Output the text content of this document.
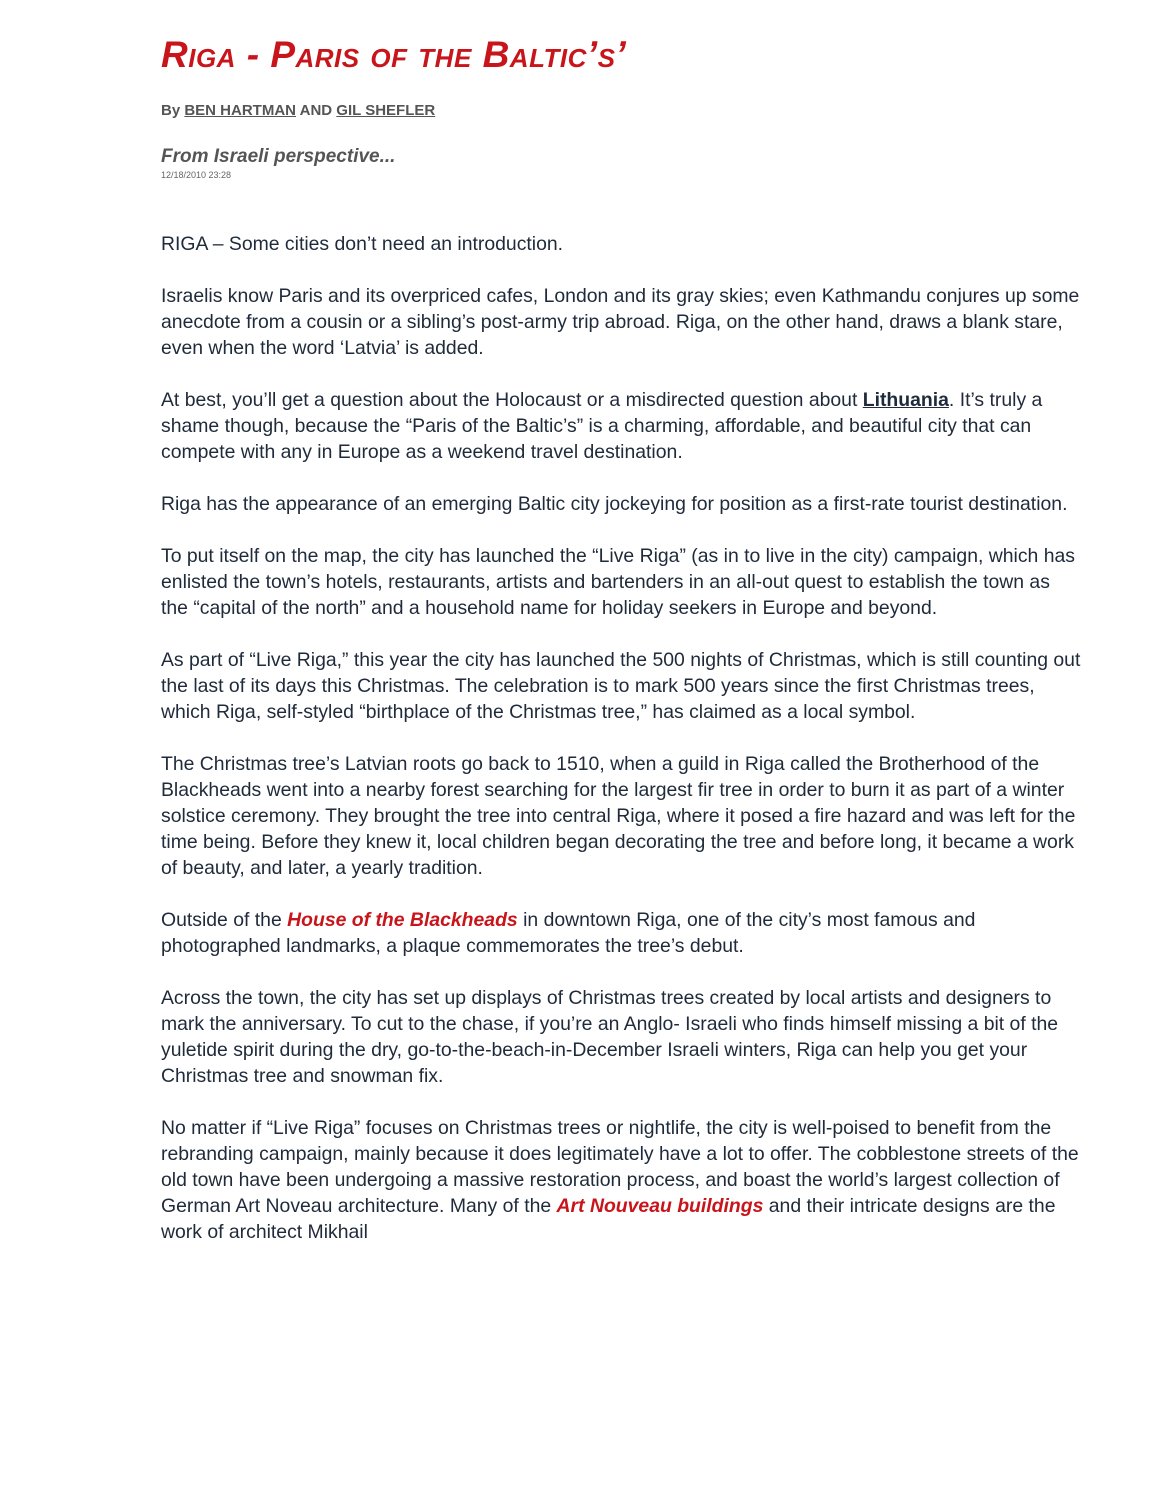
Riga - Paris of the Baltic’s’
By BEN HARTMAN AND GIL SHEFLER
From Israeli perspective...
12/18/2010 23:28

RIGA – Some cities don’t need an introduction.

Israelis know Paris and its overpriced cafes, London and its gray skies; even Kathmandu conjures up some anecdote from a cousin or a sibling’s post-army trip abroad. Riga, on the other hand, draws a blank stare, even when the word ‘Latvia’ is added.

At best, you’ll get a question about the Holocaust or a misdirected question about Lithuania. It’s truly a shame though, because the “Paris of the Baltic’s” is a charming, affordable, and beautiful city that can compete with any in Europe as a weekend travel destination.

Riga has the appearance of an emerging Baltic city jockeying for position as a first-rate tourist destination.

To put itself on the map, the city has launched the “Live Riga” (as in to live in the city) campaign, which has enlisted the town’s hotels, restaurants, artists and bartenders in an all-out quest to establish the town as the “capital of the north” and a household name for holiday seekers in Europe and beyond.

As part of “Live Riga,” this year the city has launched the 500 nights of Christmas, which is still counting out the last of its days this Christmas. The celebration is to mark 500 years since the first Christmas trees, which Riga, self-styled “birthplace of the Christmas tree,” has claimed as a local symbol.

The Christmas tree’s Latvian roots go back to 1510, when a guild in Riga called the Brotherhood of the Blackheads went into a nearby forest searching for the largest fir tree in order to burn it as part of a winter solstice ceremony. They brought the tree into central Riga, where it posed a fire hazard and was left for the time being. Before they knew it, local children began decorating the tree and before long, it became a work of beauty, and later, a yearly tradition.

Outside of the House of the Blackheads in downtown Riga, one of the city’s most famous and photographed landmarks, a plaque commemorates the tree’s debut.

Across the town, the city has set up displays of Christmas trees created by local artists and designers to mark the anniversary. To cut to the chase, if you’re an Anglo- Israeli who finds himself missing a bit of the yuletide spirit during the dry, go-to-the-beach-in-December Israeli winters, Riga can help you get your Christmas tree and snowman fix.

No matter if “Live Riga” focuses on Christmas trees or nightlife, the city is well-poised to benefit from the rebranding campaign, mainly because it does legitimately have a lot to offer. The cobblestone streets of the old town have been undergoing a massive restoration process, and boast the world’s largest collection of German Art Noveau architecture. Many of the Art Nouveau buildings and their intricate designs are the work of architect Mikhail
